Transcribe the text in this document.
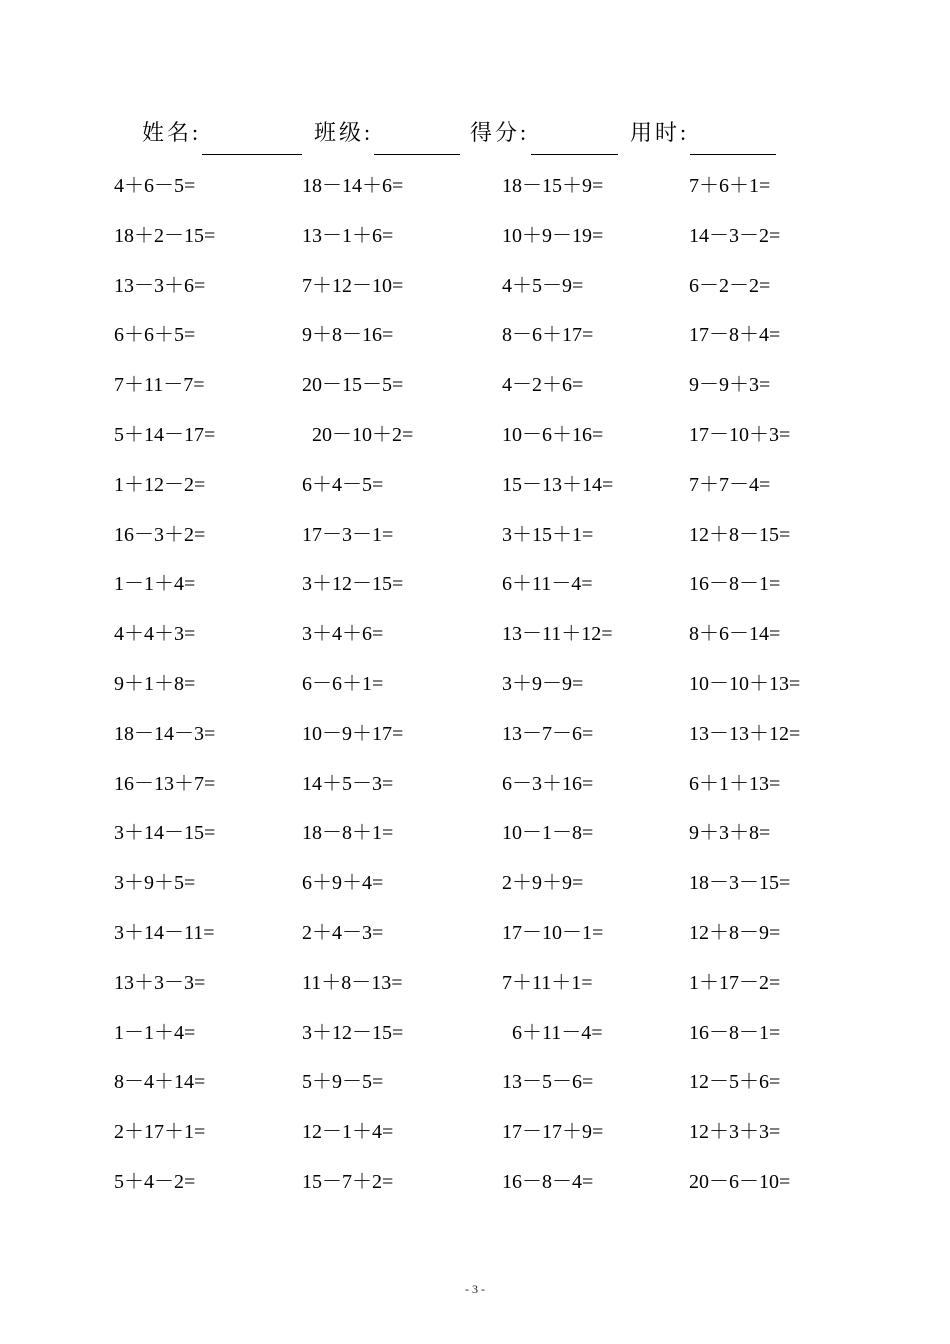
姓名:	班级:	得分:	用时:
4＋6－5=	18－14＋6=	18－15＋9=	7＋6＋1=
18＋2－15=	13－1＋6=	10＋9－19=	14－3－2=
13－3＋6=	7＋12－10=	4＋5－9=	6－2－2=
6＋6＋5=	9＋8－16=	8－6＋17=	17－8＋4=
7＋11－7=	20－15－5=	4－2＋6=	9－9＋3=
5＋14－17=	20－10＋2=	10－6＋16=	17－10＋3=
1＋12－2=	6＋4－5=	15－13＋14=	7＋7－4=
16－3＋2=	17－3－1=	3＋15＋1=	12＋8－15=
1－1＋4=	3＋12－15=	6＋11－4=	16－8－1=
4＋4＋3=	3＋4＋6=	13－11＋12=	8＋6－14=
9＋1＋8=	6－6＋1=	3＋9－9=	10－10＋13=
18－14－3=	10－9＋17=	13－7－6=	13－13＋12=
16－13＋7=	14＋5－3=	6－3＋16=	6＋1＋13=
3＋14－15=	18－8＋1=	10－1－8=	9＋3＋8=
3＋9＋5=	6＋9＋4=	2＋9＋9=	18－3－15=
3＋14－11=	2＋4－3=	17－10－1=	12＋8－9=
13＋3－3=	11＋8－13=	7＋11＋1=	1＋17－2=
1－1＋4=	3＋12－15=	6＋11－4=	16－8－1=
8－4＋14=	5＋9－5=	13－5－6=	12－5＋6=
2＋17＋1=	12－1＋4=	17－17＋9=	12＋3＋3=
5＋4－2=	15－7＋2=	16－8－4=	20－6－10=
- 3 -
